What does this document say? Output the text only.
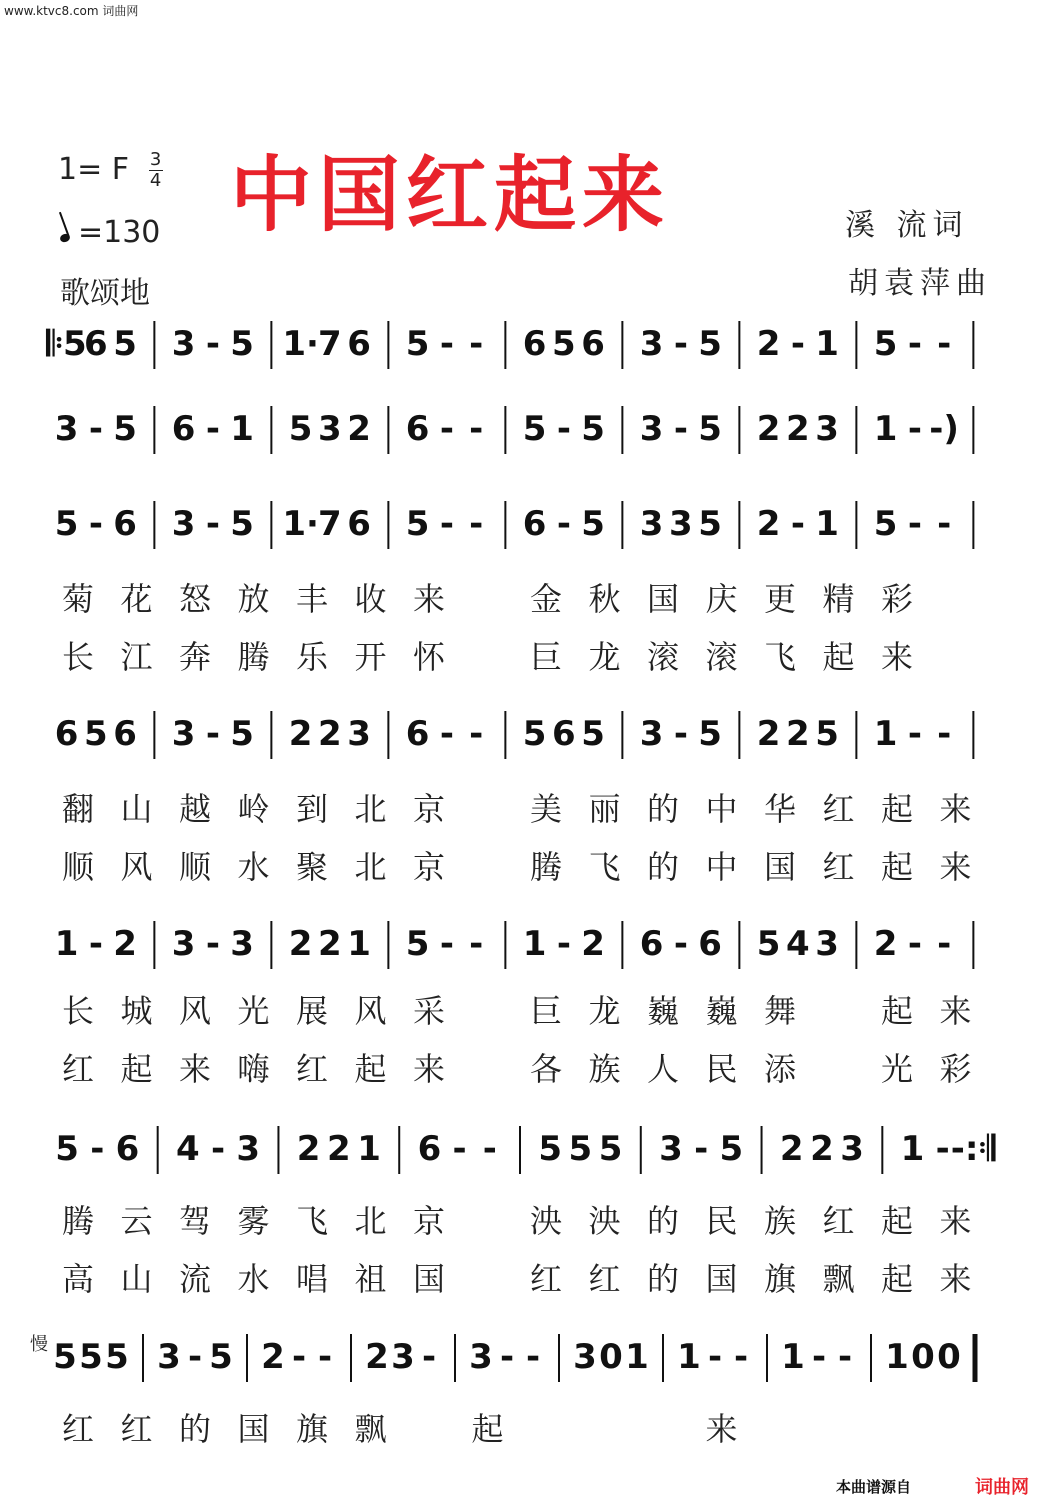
www.ktvc8.com 词曲网
1= F $\frac{3}{4}$
=130
歌颂地
中国红起来	溪 流词
胡袁萍曲
慢
𝄆5
6 5 3 - 5 1· 7 6 5 - - 6 5 6 3 - 5 2 - 1 5 - -
3 - 5 6 - 1 5 3 2 6 - - 5 - 5 3 - 5 2 2 3 1 - -)
5 - 6 3 - 5 1· 7 6 5 - - 6 - 5 3 3 5 2 - 1 5 - -
菊 花 怒 放 丰 收 来	金 秋 国 庆 更 精 彩
长 江 奔 腾 乐 开 怀	巨 龙 滚 滚 飞 起 来
6 5 6 3 - 5 2 2 3 6 - - 5 6 5 3 - 5 2 2 5 1 - -
翻 山 越 岭 到 北 京	美 丽 的 中 华 红 起 来
顺 风 顺 水 聚 北 京	腾 飞 的 中 国 红 起 来
1 - 2 3 - 3 2 2 1 5 - - 1 - 2 6 - 6 5 4 3 2 - -
长 城 风 光 展 风 采	巨 龙 巍 巍 舞	起 来
红 起 来 嗨 红 起 来	各 族 人 民 添	光 彩
5 - 6 4 - 3 2 2 1 6 - - 5 5 5 3 - 5 2 2 3 1 - -:𝄇
腾 云 驾 雾 飞 北 京	泱 泱 的 民 族 红 起 来
高 山 流 水 唱 祖 国	红 红 的 国 旗 飘 起 来
5 5 5 3 - 5 2 - - 2 3 - 3 - - 3 0 1 1 - - 1 - - 1 0 0
红 红 的 国 旗 飘	起	来
本曲谱源自	词曲网
